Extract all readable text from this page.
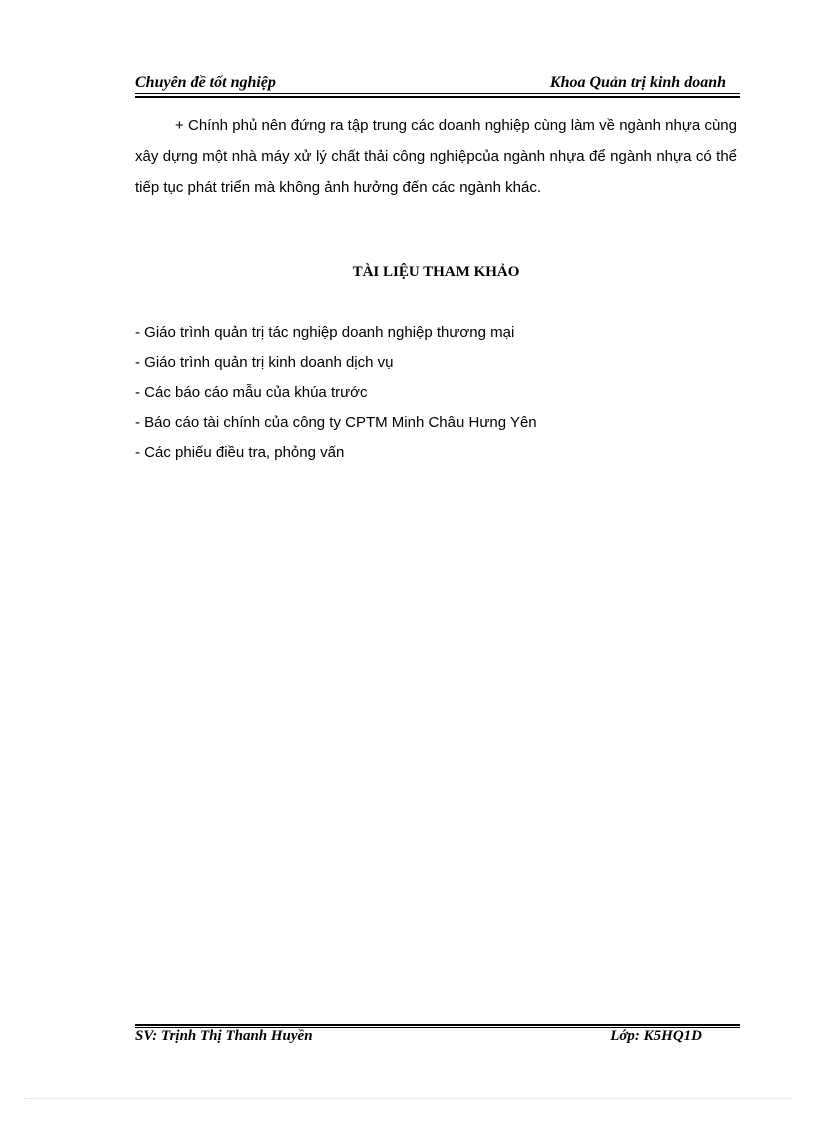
Chuyên đề tốt nghiệp	Khoa Quản trị kinh doanh

+ Chính phủ nên đứng ra tập trung các doanh nghiệp cùng làm về ngành nhựa cùng xây dựng một nhà máy xử lý chất thải công nghiệpcủa ngành nhựa để ngành nhựa có thể tiếp tục phát triển mà không ảnh hưởng đến các ngành khác.

TÀI LIỆU THAM KHẢO
- Giáo trình quản trị tác nghiệp doanh nghiệp thương mại
- Giáo trình quản trị kinh doanh dịch vụ
- Các báo cáo mẫu của khúa trước
- Báo cáo tài chính của công ty CPTM Minh Châu Hưng Yên
- Các phiếu điều tra, phỏng vấn
SV: Trịnh Thị Thanh Huyền	Lớp: K5HQ1D
